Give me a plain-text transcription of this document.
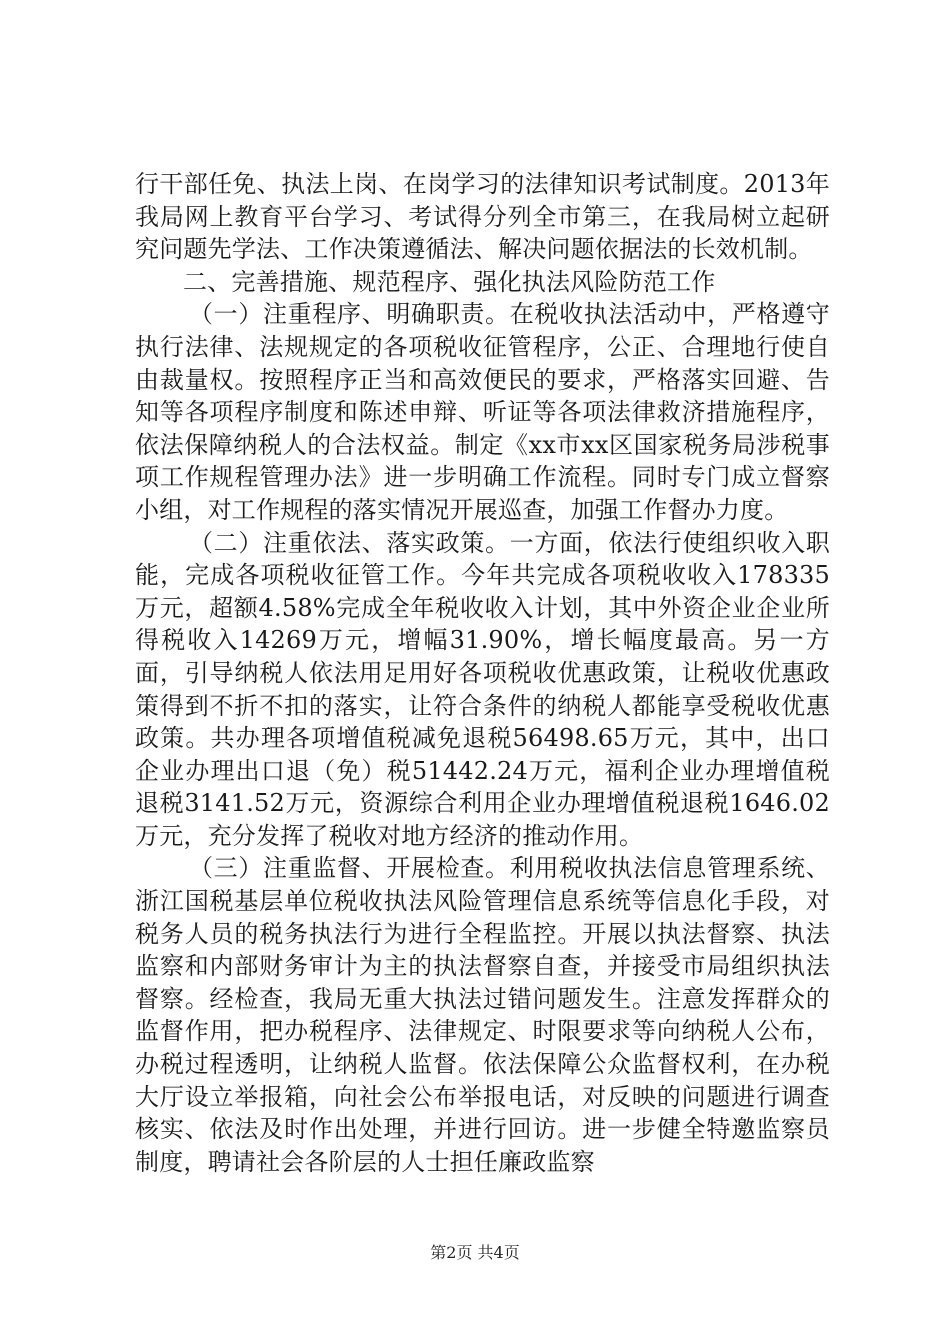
行干部任免、执法上岗、在岗学习的法律知识考试制度。2013年我局网上教育平台学习、考试得分列全市第三，在我局树立起研究问题先学法、工作决策遵循法、解决问题依据法的长效机制。

二、完善措施、规范程序、强化执法风险防范工作

（一）注重程序、明确职责。在税收执法活动中，严格遵守执行法律、法规规定的各项税收征管程序，公正、合理地行使自由裁量权。按照程序正当和高效便民的要求，严格落实回避、告知等各项程序制度和陈述申辩、听证等各项法律救济措施程序，依法保障纳税人的合法权益。制定《xx市xx区国家税务局涉税事项工作规程管理办法》进一步明确工作流程。同时专门成立督察小组，对工作规程的落实情况开展巡查，加强工作督办力度。

（二）注重依法、落实政策。一方面，依法行使组织收入职能，完成各项税收征管工作。今年共完成各项税收收入178335万元，超额4.58%完成全年税收收入计划，其中外资企业企业所得税收入14269万元，增幅31.90%，增长幅度最高。另一方面，引导纳税人依法用足用好各项税收优惠政策，让税收优惠政策得到不折不扣的落实，让符合条件的纳税人都能享受税收优惠政策。共办理各项增值税减免退税56498.65万元，其中，出口企业办理出口退（免）税51442.24万元，福利企业办理增值税退税3141.52万元，资源综合利用企业办理增值税退税1646.02万元，充分发挥了税收对地方经济的推动作用。

（三）注重监督、开展检查。利用税收执法信息管理系统、浙江国税基层单位税收执法风险管理信息系统等信息化手段，对税务人员的税务执法行为进行全程监控。开展以执法督察、执法监察和内部财务审计为主的执法督察自查，并接受市局组织执法督察。经检查，我局无重大执法过错问题发生。注意发挥群众的监督作用，把办税程序、法律规定、时限要求等向纳税人公布，办税过程透明，让纳税人监督。依法保障公众监督权利，在办税大厅设立举报箱，向社会公布举报电话，对反映的问题进行调查核实、依法及时作出处理，并进行回访。进一步健全特邀监察员制度，聘请社会各阶层的人士担任廉政监察

第2页 共4页
